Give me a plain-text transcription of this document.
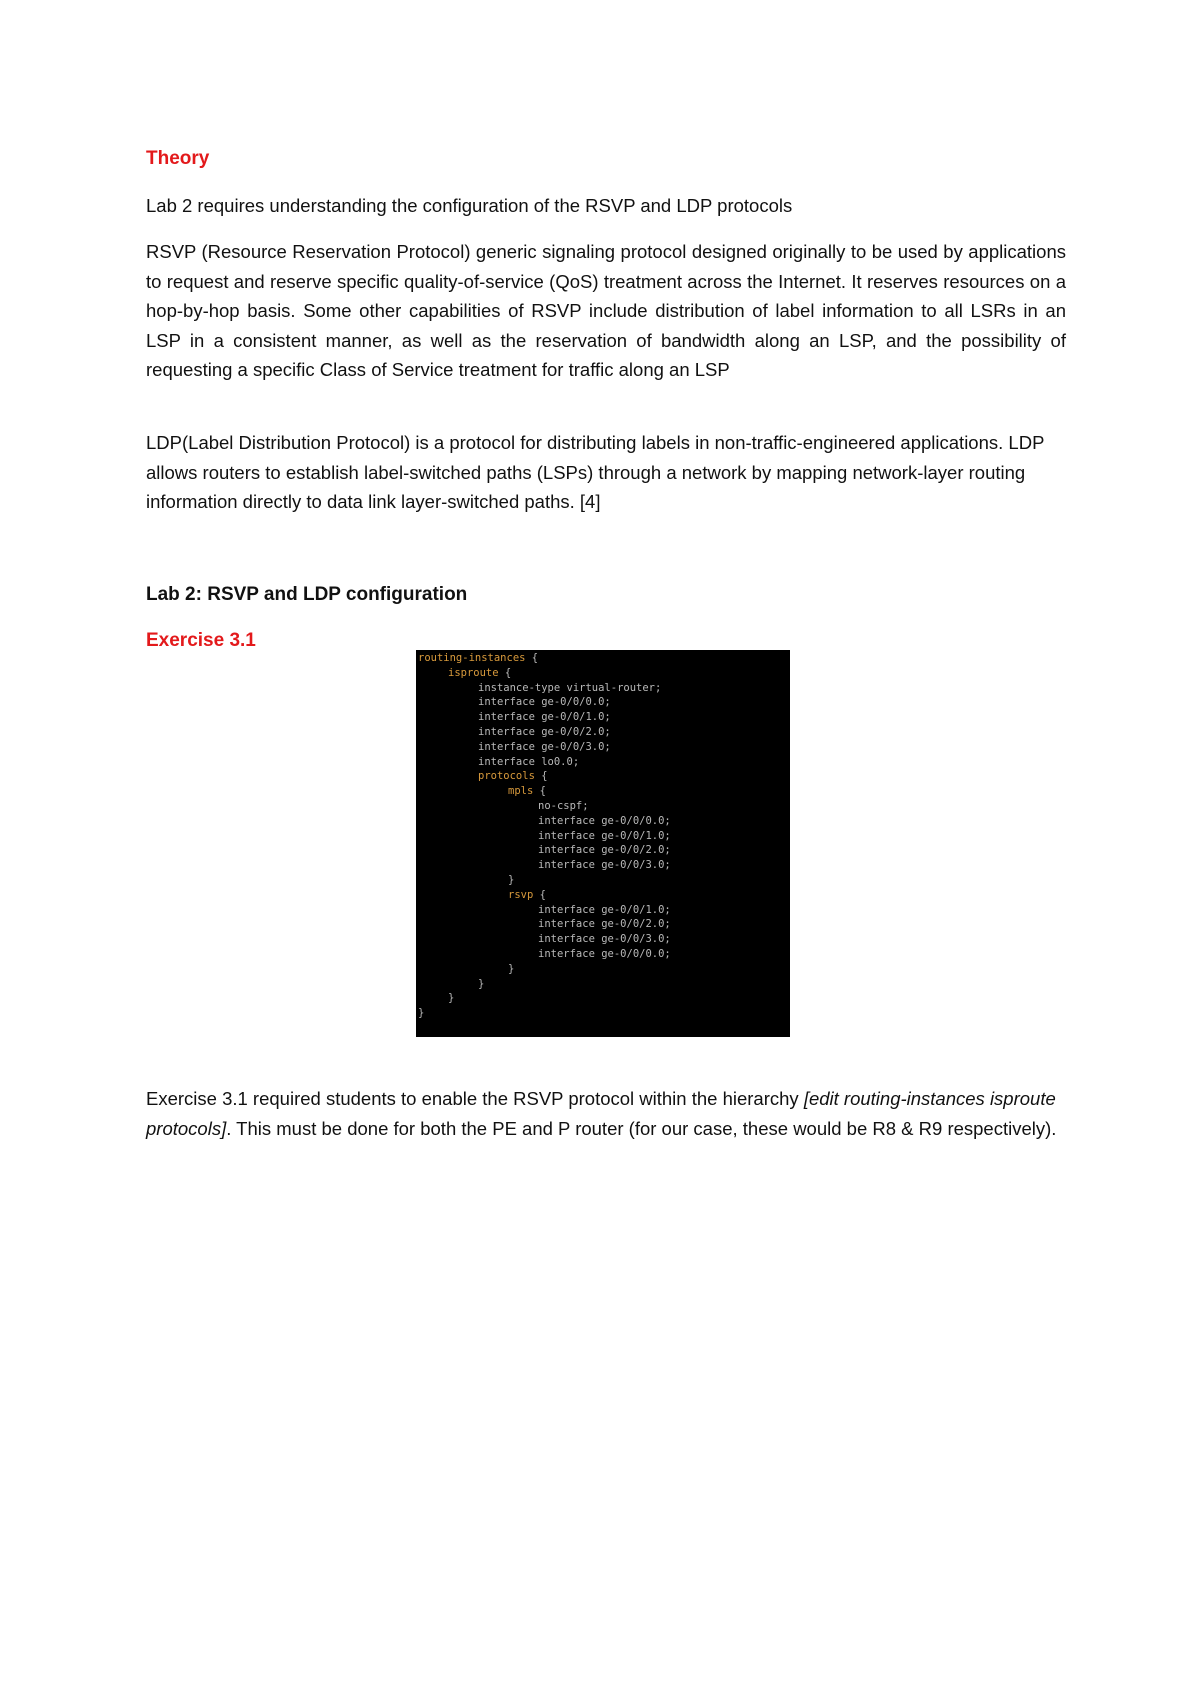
Theory

Lab 2 requires understanding the configuration of the RSVP and LDP protocols

RSVP (Resource Reservation Protocol) generic signaling protocol designed originally to be used by applications to request and reserve specific quality-of-service (QoS) treatment across the Internet. It reserves resources on a hop-by-hop basis. Some other capabilities of RSVP include distribution of label information to all LSRs in an LSP in a consistent manner, as well as the reservation of bandwidth along an LSP, and the possibility of requesting a specific Class of Service treatment for traffic along an LSP

LDP(Label Distribution Protocol) is a protocol for distributing labels in non-traffic-engineered applications. LDP allows routers to establish label-switched paths (LSPs) through a network by mapping network-layer routing information directly to data link layer-switched paths. [4]

Lab 2: RSVP and LDP configuration
Exercise 3.1
routing-instances {
isproute {
instance-type virtual-router;
interface ge-0/0/0.0;
interface ge-0/0/1.0;
interface ge-0/0/2.0;
interface ge-0/0/3.0;
interface lo0.0;
protocols {
mpls {
no-cspf;
interface ge-0/0/0.0;
interface ge-0/0/1.0;
interface ge-0/0/2.0;
interface ge-0/0/3.0;
}
rsvp {
interface ge-0/0/1.0;
interface ge-0/0/2.0;
interface ge-0/0/3.0;
interface ge-0/0/0.0;
}
}
}
}

Exercise 3.1 required students to enable the RSVP protocol within the hierarchy [edit routing-instances isproute protocols]. This must be done for both the PE and P router (for our case, these would be R8 & R9 respectively).
